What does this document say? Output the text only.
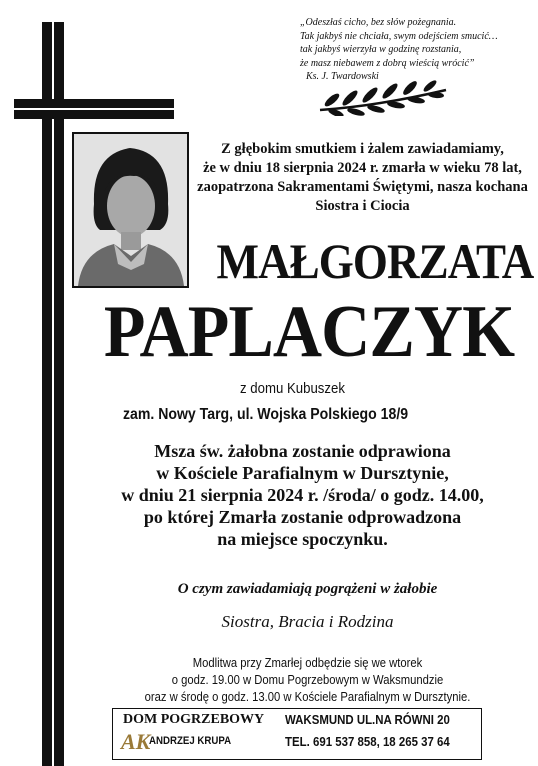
„Odeszłaś cicho, bez słów pożegnania.
Tak jakbyś nie chciała, swym odejściem smucić…
tak jakbyś wierzyła w godzinę rozstania,
że masz niebawem z dobrą wieścią wrócić”
Ks. J. Twardowski
Z głębokim smutkiem i żalem zawiadamiamy,
że w dniu 18 sierpnia 2024 r. zmarła w wieku 78 lat,
zaopatrzona Sakramentami Świętymi, nasza kochana
Siostra i Ciocia
MAŁGORZATA
PAPLACZYK
z domu Kubuszek
zam. Nowy Targ, ul. Wojska Polskiego 18/9
Msza św. żałobna zostanie odprawiona
w Kościele Parafialnym w Dursztynie,
w dniu 21 sierpnia 2024 r. /środa/ o godz. 14.00,
po której Zmarła zostanie odprowadzona
na miejsce spoczynku.
O czym zawiadamiają pogrążeni w żałobie
Siostra, Bracia i Rodzina
Modlitwa przy Zmarłej odbędzie się we wtorek
o godz. 19.00 w Domu Pogrzebowym w Waksmundzie
oraz w środę o godz. 13.00 w Kościele Parafialnym w Dursztynie.
DOM POGRZEBOWY
AK
ANDRZEJ KRUPA
WAKSMUND UL.NA RÓWNI 20
TEL. 691 537 858, 18 265 37 64
